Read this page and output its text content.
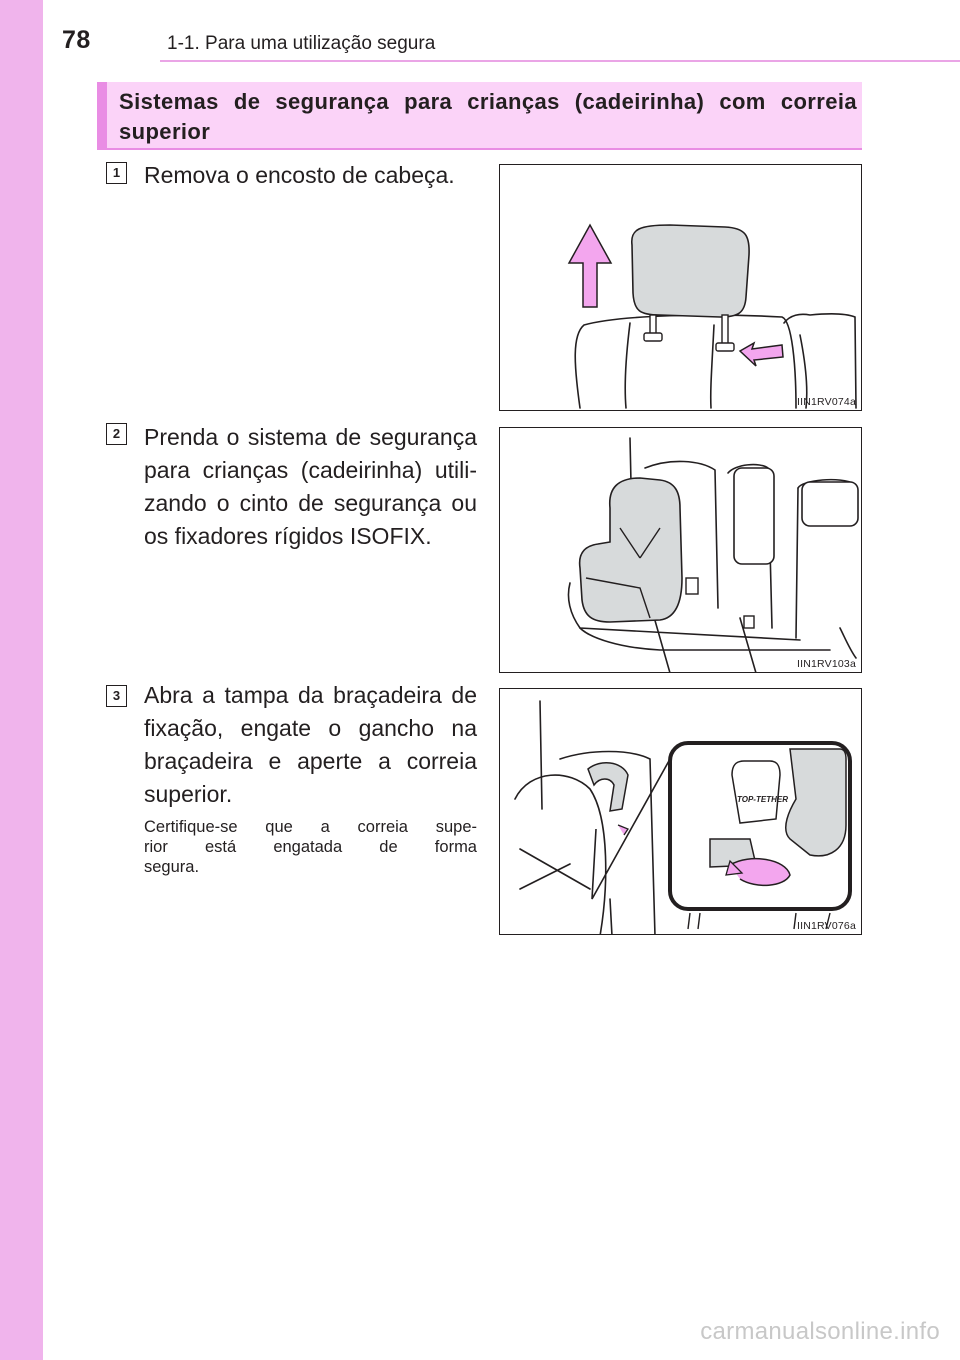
78	1-1. Para uma utilização segura
Sistemas de segurança para crianças (cadeirinha) com correia
superior
1 Remova o encosto de cabeça.
IIN1RV074a
2 Prenda o sistema de segurança
para crianças (cadeirinha) utili-
zando o cinto de segurança ou
os fixadores rígidos ISOFIX.
IIN1RV103a
3 Abra a tampa da braçadeira de
fixação, engate o gancho na
braçadeira e aperte a correia
superior.
Certifique-se que a correia supe-
rior está engatada de forma
segura.
TOP-TETHER
IIN1RV076a
carmanualsonline.info
